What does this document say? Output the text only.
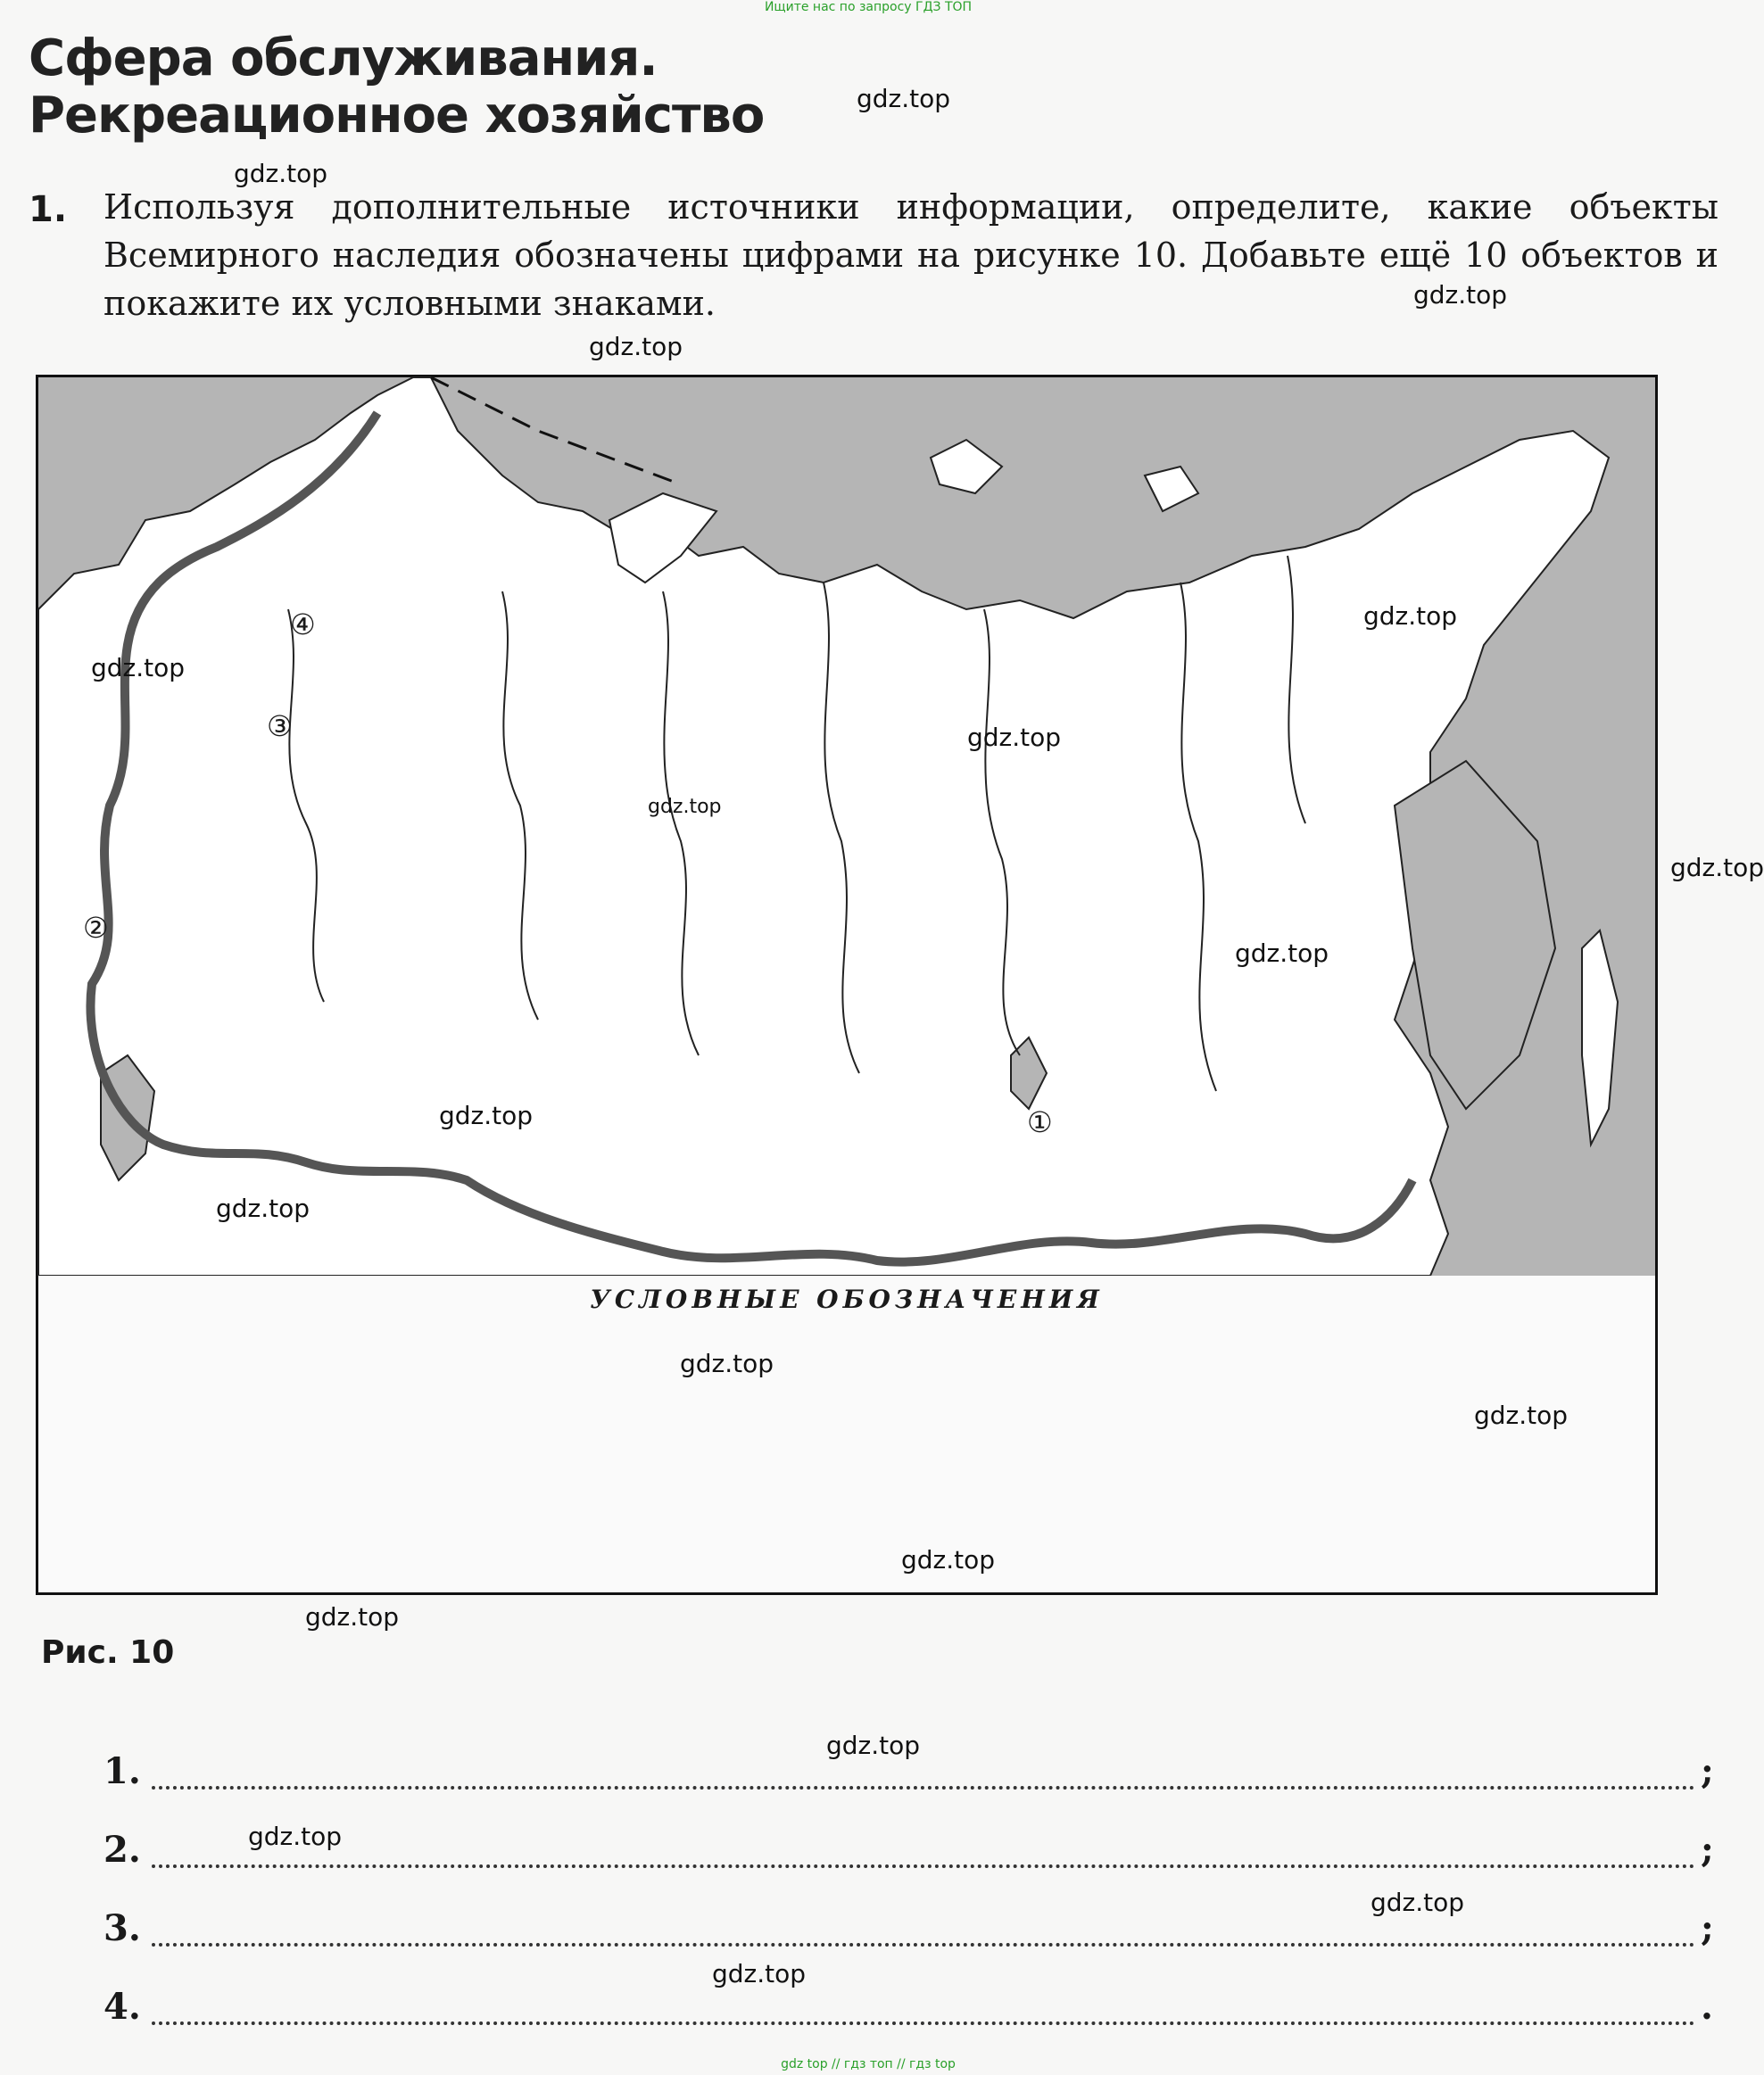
Ищите нас по запросу ГДЗ ТОП
Сфера обслуживания.
Рекреационное хозяйство
1. Используя дополнительные источники информации, определите, какие объекты Всемирного наследия обозначены цифрами на рисунке 10. Добавьте ещё 10 объектов и покажите их условными знаками.
①
②
③
④
УСЛОВНЫЕ ОБОЗНАЧЕНИЯ
Рис. 10
1.	;
2.	;
3.	;
4.	.
gdz.top
gdz.top
gdz.top
gdz.top
gdz.top
gdz.top
gdz.top
gdz.top
gdz.top
gdz.top
gdz.top
gdz.top
gdz.top
gdz.top
gdz.top
gdz.top
gdz.top
gdz.top
gdz.top
gdz.top
gdz top // гдз топ // гдз top
